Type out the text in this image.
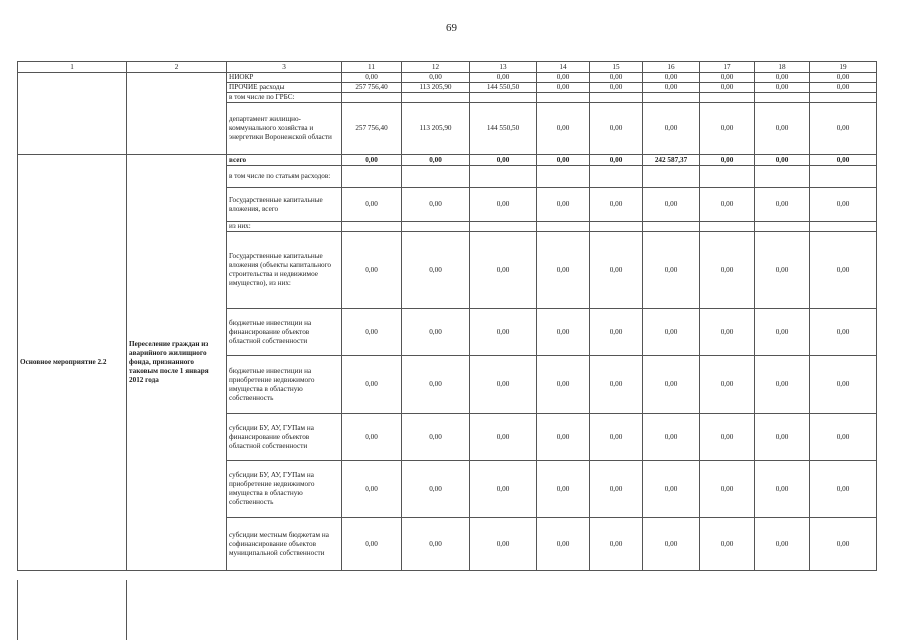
69
1	2	3	11	12	13	14	15	16	17	18	19
		НИОКР	0,00	0,00	0,00	0,00	0,00	0,00	0,00	0,00	0,00
		ПРОЧИЕ расходы	257 756,40	113 205,90	144 550,50	0,00	0,00	0,00	0,00	0,00	0,00
		в том числе по ГРБС:									
		департамент жилищно-коммунального хозяйства и энергетики Воронежской области	257 756,40	113 205,90	144 550,50	0,00	0,00	0,00	0,00	0,00	0,00
Основное мероприятие 2.2	Переселение граждан из аварийного жилищного фонда, признанного таковым после 1 января 2012 года	всего	0,00	0,00	0,00	0,00	0,00	242 587,37	0,00	0,00	0,00
		в том числе по статьям расходов:									
		Государственные капитальные вложения, всего	0,00	0,00	0,00	0,00	0,00	0,00	0,00	0,00	0,00
		из них:									
		Государственные капитальные вложения (объекты капитального строительства и недвижимое имущество), из них:	0,00	0,00	0,00	0,00	0,00	0,00	0,00	0,00	0,00
		бюджетные инвестиции на финансирование объектов областной собственности	0,00	0,00	0,00	0,00	0,00	0,00	0,00	0,00	0,00
		бюджетные инвестиции на приобретение недвижимого имущества в областную собственность	0,00	0,00	0,00	0,00	0,00	0,00	0,00	0,00	0,00
		субсидии БУ, АУ, ГУПам на финансирование объектов областной собственности	0,00	0,00	0,00	0,00	0,00	0,00	0,00	0,00	0,00
		субсидии БУ, АУ, ГУПам на приобретение недвижимого имущества в областную собственность	0,00	0,00	0,00	0,00	0,00	0,00	0,00	0,00	0,00
		субсидии местным бюджетам на софинансирование объектов муниципальной собственности	0,00	0,00	0,00	0,00	0,00	0,00	0,00	0,00	0,00
